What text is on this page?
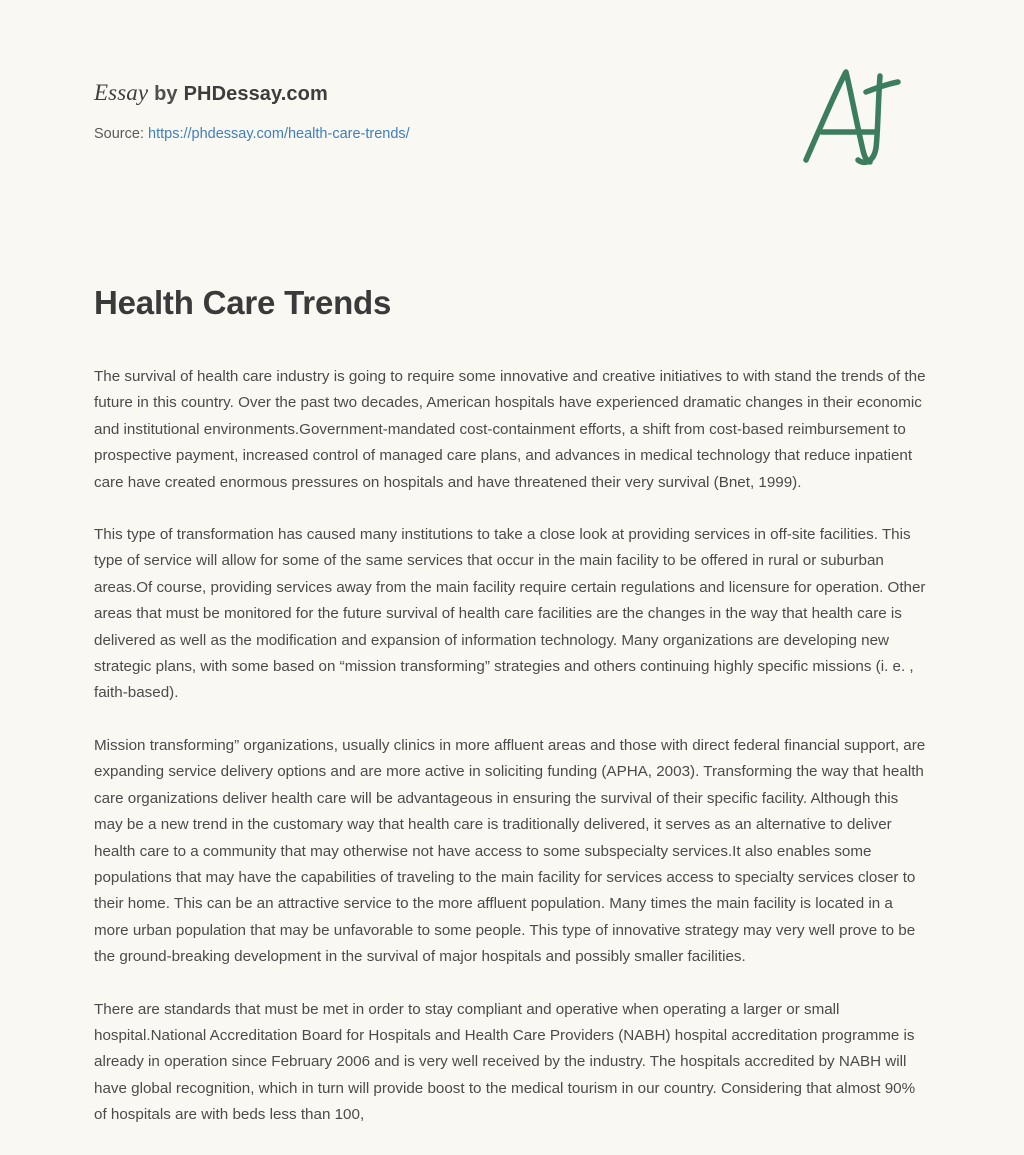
Essay by PHDessay.com
Source: https://phdessay.com/health-care-trends/
Health Care Trends

The survival of health care industry is going to require some innovative and creative initiatives to with stand the trends of the future in this country. Over the past two decades, American hospitals have experienced dramatic changes in their economic and institutional environments.Government-mandated cost-containment efforts, a shift from cost-based reimbursement to prospective payment, increased control of managed care plans, and advances in medical technology that reduce inpatient care have created enormous pressures on hospitals and have threatened their very survival (Bnet, 1999).

This type of transformation has caused many institutions to take a close look at providing services in off-site facilities. This type of service will allow for some of the same services that occur in the main facility to be offered in rural or suburban areas.Of course, providing services away from the main facility require certain regulations and licensure for operation. Other areas that must be monitored for the future survival of health care facilities are the changes in the way that health care is delivered as well as the modification and expansion of information technology. Many organizations are developing new strategic plans, with some based on “mission transforming” strategies and others continuing highly specific missions (i. e. , faith-based).

Mission transforming” organizations, usually clinics in more affluent areas and those with direct federal financial support, are expanding service delivery options and are more active in soliciting funding (APHA, 2003). Transforming the way that health care organizations deliver health care will be advantageous in ensuring the survival of their specific facility. Although this may be a new trend in the customary way that health care is traditionally delivered, it serves as an alternative to deliver health care to a community that may otherwise not have access to some subspecialty services.It also enables some populations that may have the capabilities of traveling to the main facility for services access to specialty services closer to their home. This can be an attractive service to the more affluent population. Many times the main facility is located in a more urban population that may be unfavorable to some people. This type of innovative strategy may very well prove to be the ground-breaking development in the survival of major hospitals and possibly smaller facilities.

There are standards that must be met in order to stay compliant and operative when operating a larger or small hospital.National Accreditation Board for Hospitals and Health Care Providers (NABH) hospital accreditation programme is already in operation since February 2006 and is very well received by the industry. The hospitals accredited by NABH will have global recognition, which in turn will provide boost to the medical tourism in our country. Considering that almost 90% of hospitals are with beds less than 100,
